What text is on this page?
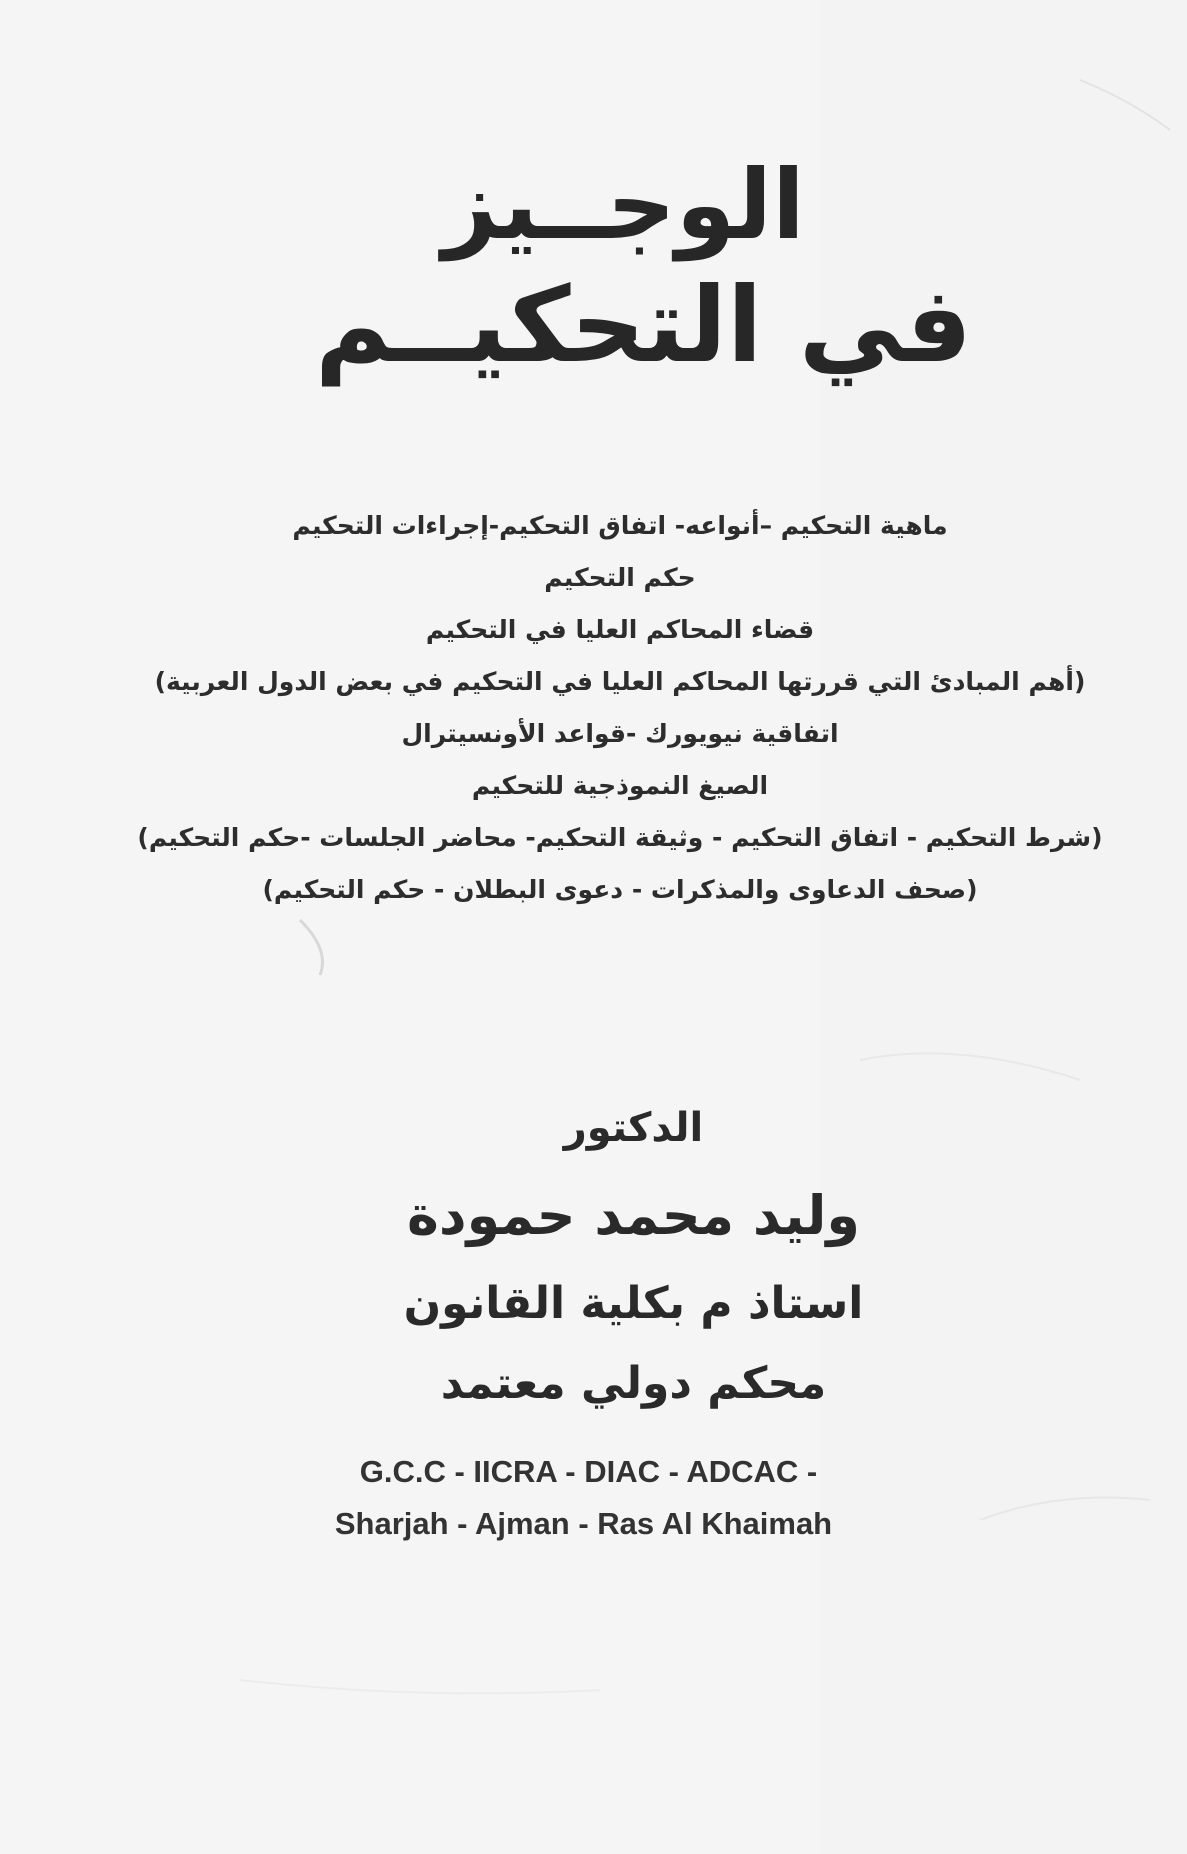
الوجــيز
في التحكيــم
ماهية التحكيم –أنواعه- اتفاق التحكيم-إجراءات التحكيم
حكم التحكيم
قضاء المحاكم العليا في التحكيم
(أهم المبادئ التي قررتها المحاكم العليا في التحكيم في بعض الدول العربية)
اتفاقية نيويورك -قواعد الأونسيترال
الصيغ النموذجية للتحكيم
(شرط التحكيم - اتفاق التحكيم - وثيقة التحكيم- محاضر الجلسات -حكم التحكيم)
(صحف الدعاوى والمذكرات - دعوى البطلان - حكم التحكيم)
الدكتور
وليد محمد حمودة
استاذ م بكلية القانون
محكم دولي معتمد
G.C.C - IICRA - DIAC - ADCAC -
Sharjah - Ajman - Ras Al Khaimah
